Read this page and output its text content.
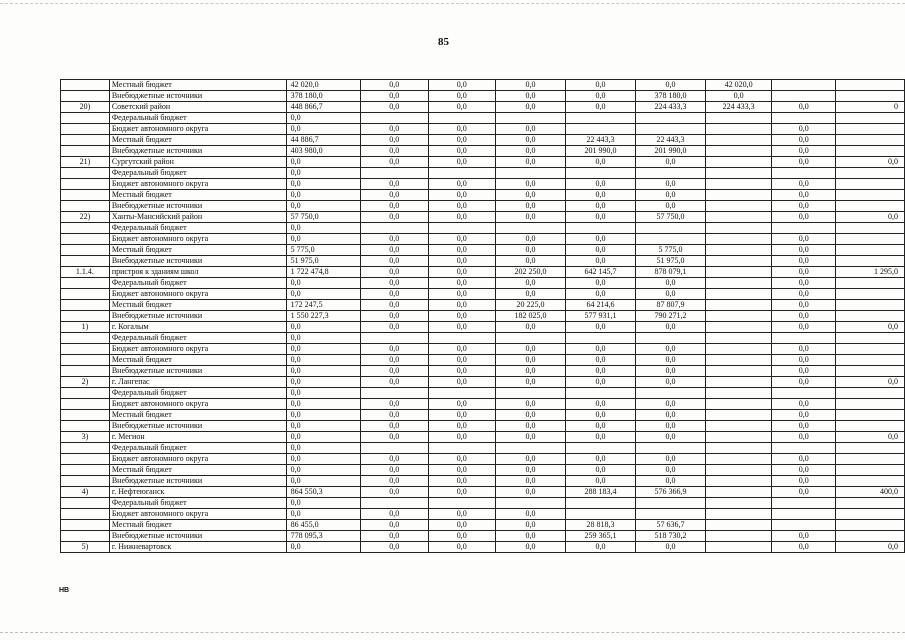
85
	Местный бюджет	42 020,0	0,0	0,0	0,0	0,0	0,0	42 020,0		
	Внебюджетные источники	378 180,0	0,0	0,0	0,0	0,0	378 180,0	0,0		
20)	Советский район	448 866,7	0,0	0,0	0,0	0,0	224 433,3	224 433,3	0,0	0
	Федеральный бюджет	0,0								
	Бюджет автономного округа	0,0	0,0	0,0	0,0				0,0	
	Местный бюджет	44 886,7	0,0	0,0	0,0	22 443,3	22 443,3		0,0	
	Внебюджетные источники	403 980,0	0,0	0,0	0,0	201 990,0	201 990,0		0,0	
21)	Сургутский район	0,0	0,0	0,0	0,0	0,0	0,0		0,0	0,0
	Федеральный бюджет	0,0								
	Бюджет автономного округа	0,0	0,0	0,0	0,0	0,0	0,0		0,0	
	Местный бюджет	0,0	0,0	0,0	0,0	0,0	0,0		0,0	
	Внебюджетные источники	0,0	0,0	0,0	0,0	0,0	0,0		0,0	
22)	Ханты-Мансийский район	57 750,0	0,0	0,0	0,0	0,0	57 750,0		0,0	0,0
	Федеральный бюджет	0,0								
	Бюджет автономного округа	0,0	0,0	0,0	0,0	0,0			0,0	
	Местный бюджет	5 775,0	0,0	0,0	0,0	0,0	5 775,0		0,0	
	Внебюджетные источники	51 975,0	0,0	0,0	0,0	0,0	51 975,0		0,0	
1.1.4.	пристроя к зданиям школ	1 722 474,8	0,0	0,0	202 250,0	642 145,7	878 079,1		0,0	1 295,0
	Федеральный бюджет	0,0	0,0	0,0	0,0	0,0	0,0		0,0	
	Бюджет автономного округа	0,0	0,0	0,0	0,0	0,0	0,0		0,0	
	Местный бюджет	172 247,5	0,0	0,0	20 225,0	64 214,6	87 807,9		0,0	
	Внебюджетные источники	1 550 227,3	0,0	0,0	182 025,0	577 931,1	790 271,2		0,0	
1)	г. Когалым	0,0	0,0	0,0	0,0	0,0	0,0		0,0	0,0
	Федеральный бюджет	0,0								
	Бюджет автономного округа	0,0	0,0	0,0	0,0	0,0	0,0		0,0	
	Местный бюджет	0,0	0,0	0,0	0,0	0,0	0,0		0,0	
	Внебюджетные источники	0,0	0,0	0,0	0,0	0,0	0,0		0,0	
2)	г. Лангепас	0,0	0,0	0,0	0,0	0,0	0,0		0,0	0,0
	Федеральный бюджет	0,0								
	Бюджет автономного округа	0,0	0,0	0,0	0,0	0,0	0,0		0,0	
	Местный бюджет	0,0	0,0	0,0	0,0	0,0	0,0		0,0	
	Внебюджетные источники	0,0	0,0	0,0	0,0	0,0	0,0		0,0	
3)	г. Мегион	0,0	0,0	0,0	0,0	0,0	0,0		0,0	0,0
	Федеральный бюджет	0,0								
	Бюджет автономного округа	0,0	0,0	0,0	0,0	0,0	0,0		0,0	
	Местный бюджет	0,0	0,0	0,0	0,0	0,0	0,0		0,0	
	Внебюджетные источники	0,0	0,0	0,0	0,0	0,0	0,0		0,0	
4)	г. Нефтеюганск	864 550,3	0,0	0,0	0,0	288 183,4	576 366,9		0,0	400,0
	Федеральный бюджет	0,0								
	Бюджет автономного округа	0,0	0,0	0,0	0,0					
	Местный бюджет	86 455,0	0,0	0,0	0,0	28 818,3	57 636,7			
	Внебюджетные источники	778 095,3	0,0	0,0	0,0	259 365,1	518 730,2		0,0	
5)	г. Нижневартовск	0,0	0,0	0,0	0,0	0,0	0,0		0,0	0,0
НВ
